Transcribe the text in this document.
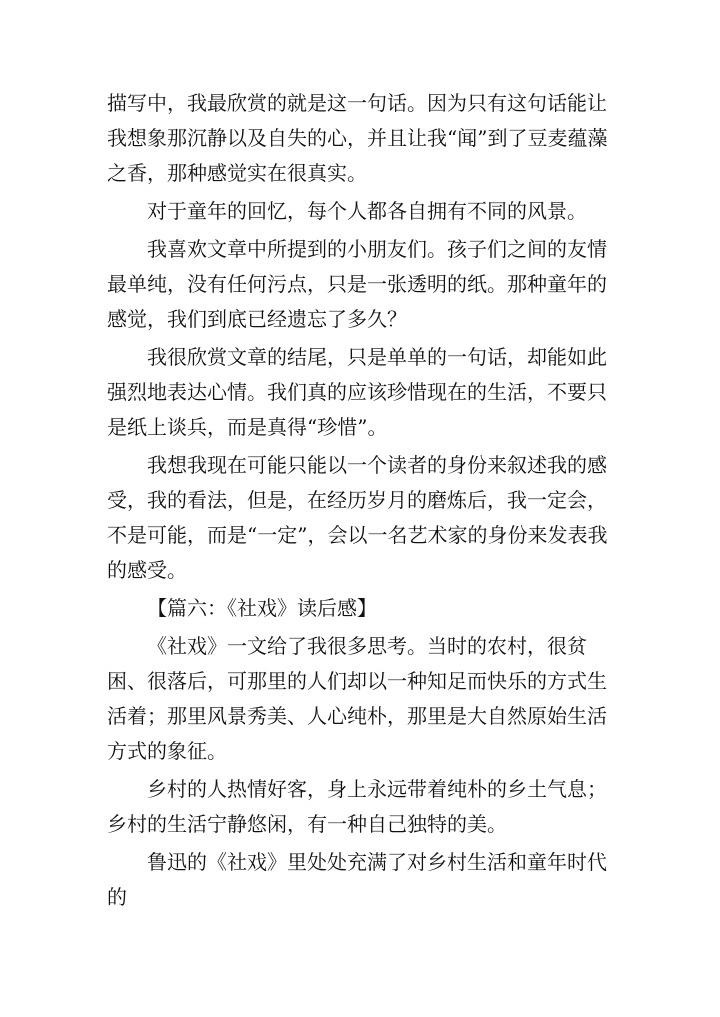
描写中，我最欣赏的就是这一句话。因为只有这句话能让我想象那沉静以及自失的心，并且让我“闻”到了豆麦蕴藻之香，那种感觉实在很真实。

对于童年的回忆，每个人都各自拥有不同的风景。

我喜欢文章中所提到的小朋友们。孩子们之间的友情最单纯，没有任何污点，只是一张透明的纸。那种童年的感觉，我们到底已经遗忘了多久？

我很欣赏文章的结尾，只是单单的一句话，却能如此强烈地表达心情。我们真的应该珍惜现在的生活，不要只是纸上谈兵，而是真得“珍惜”。

我想我现在可能只能以一个读者的身份来叙述我的感受，我的看法，但是，在经历岁月的磨炼后，我一定会，不是可能，而是“一定”，会以一名艺术家的身份来发表我的感受。

【篇六：《社戏》读后感】

《社戏》一文给了我很多思考。当时的农村，很贫困、很落后，可那里的人们却以一种知足而快乐的方式生活着；那里风景秀美、人心纯朴，那里是大自然原始生活方式的象征。

乡村的人热情好客，身上永远带着纯朴的乡土气息；乡村的生活宁静悠闲，有一种自己独特的美。

鲁迅的《社戏》里处处充满了对乡村生活和童年时代的
